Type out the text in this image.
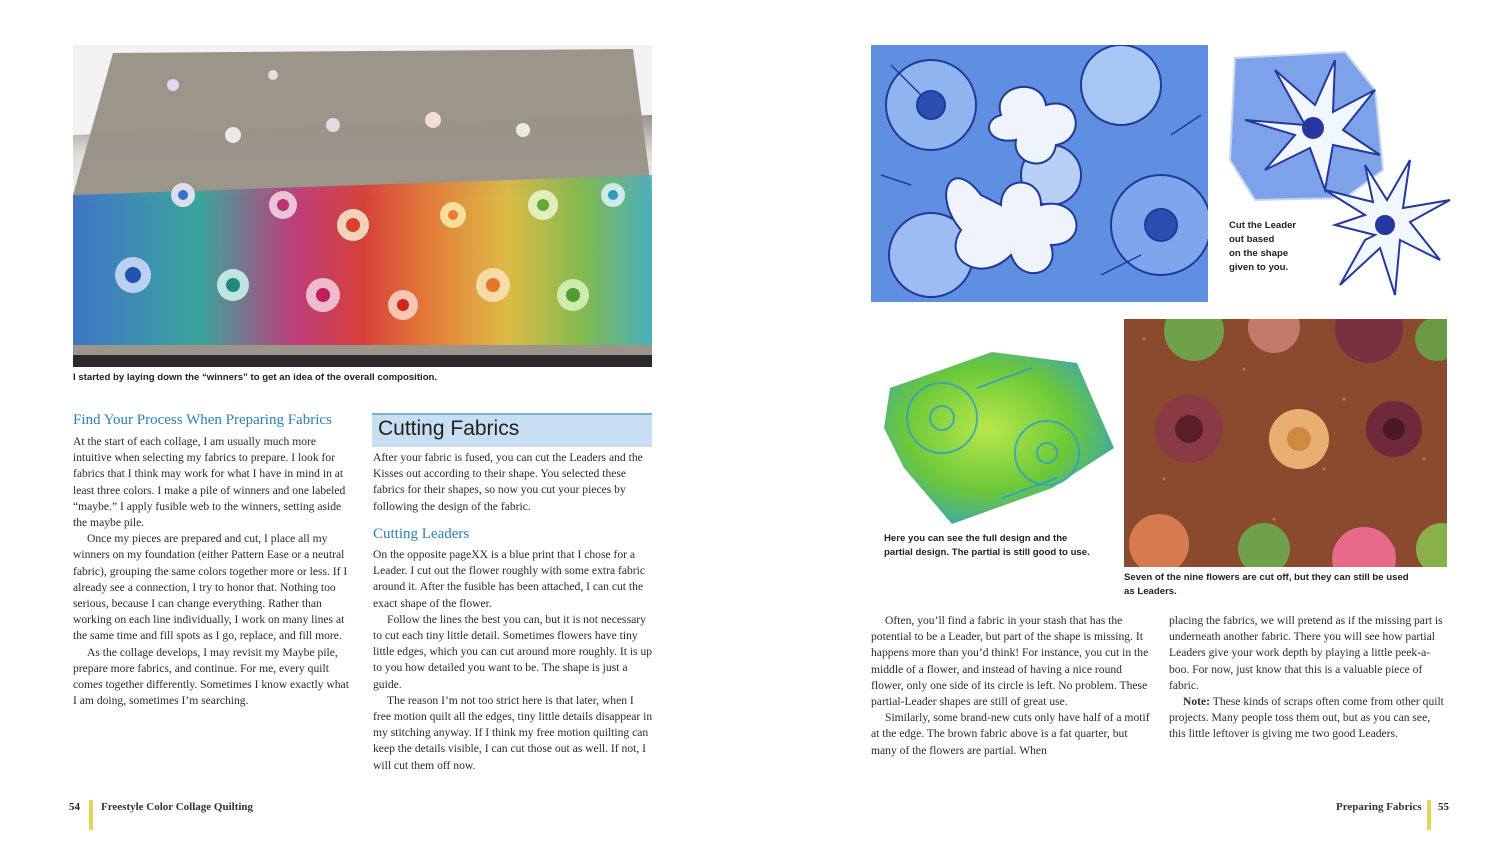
I started by laying down the “winners” to get an idea of the overall composition.
Find Your Process When Preparing Fabrics

At the start of each collage, I am usually much more intuitive when selecting my fabrics to prepare. I look for fabrics that I think may work for what I have in mind in at least three colors. I make a pile of winners and one labeled “maybe.” I apply fusible web to the winners, setting aside the maybe pile.

Once my pieces are prepared and cut, I place all my winners on my foundation (either Pattern Ease or a neutral fabric), grouping the same colors together more or less. If I already see a connection, I try to honor that. Nothing too serious, because I can change everything. Rather than working on each line individually, I work on many lines at the same time and fill spots as I go, replace, and fill more.

As the collage develops, I may revisit my Maybe pile, prepare more fabrics, and continue. For me, every quilt comes together differently. Sometimes I know exactly what I am doing, sometimes I’m searching.

Cutting Fabrics

After your fabric is fused, you can cut the Leaders and the Kisses out according to their shape. You selected these fabrics for their shapes, so now you cut your pieces by following the design of the fabric.

Cutting Leaders

On the opposite pageXX is a blue print that I chose for a Leader. I cut out the flower roughly with some extra fabric around it. After the fusible has been attached, I can cut the exact shape of the flower.

Follow the lines the best you can, but it is not necessary to cut each tiny little detail. Sometimes flowers have tiny little edges, which you can cut around more roughly. It is up to you how detailed you want to be. The shape is just a guide.

The reason I’m not too strict here is that later, when I free motion quilt all the edges, tiny little details disappear in my stitching anyway. If I think my free motion quilting can keep the details visible, I can cut those out as well. If not, I will cut them off now.

54 Freestyle Color Collage Quilting
Cut the Leader
out based
on the shape
given to you.
Here you can see the full design and the
partial design. The partial is still good to use.
Seven of the nine flowers are cut off, but they can still be used
as Leaders.

Often, you’ll find a fabric in your stash that has the potential to be a Leader, but part of the shape is missing. It happens more than you’d think! For instance, you cut in the middle of a flower, and instead of having a nice round flower, only one side of its circle is left. No problem. These partial-Leader shapes are still of great use.

Similarly, some brand-new cuts only have half of a motif at the edge. The brown fabric above is a fat quarter, but many of the flowers are partial. When

placing the fabrics, we will pretend as if the missing part is underneath another fabric. There you will see how partial Leaders give your work depth by playing a little peek-a-boo. For now, just know that this is a valuable piece of fabric.

Note: These kinds of scraps often come from other quilt projects. Many people toss them out, but as you can see, this little leftover is giving me two good Leaders.

Preparing Fabrics 55
